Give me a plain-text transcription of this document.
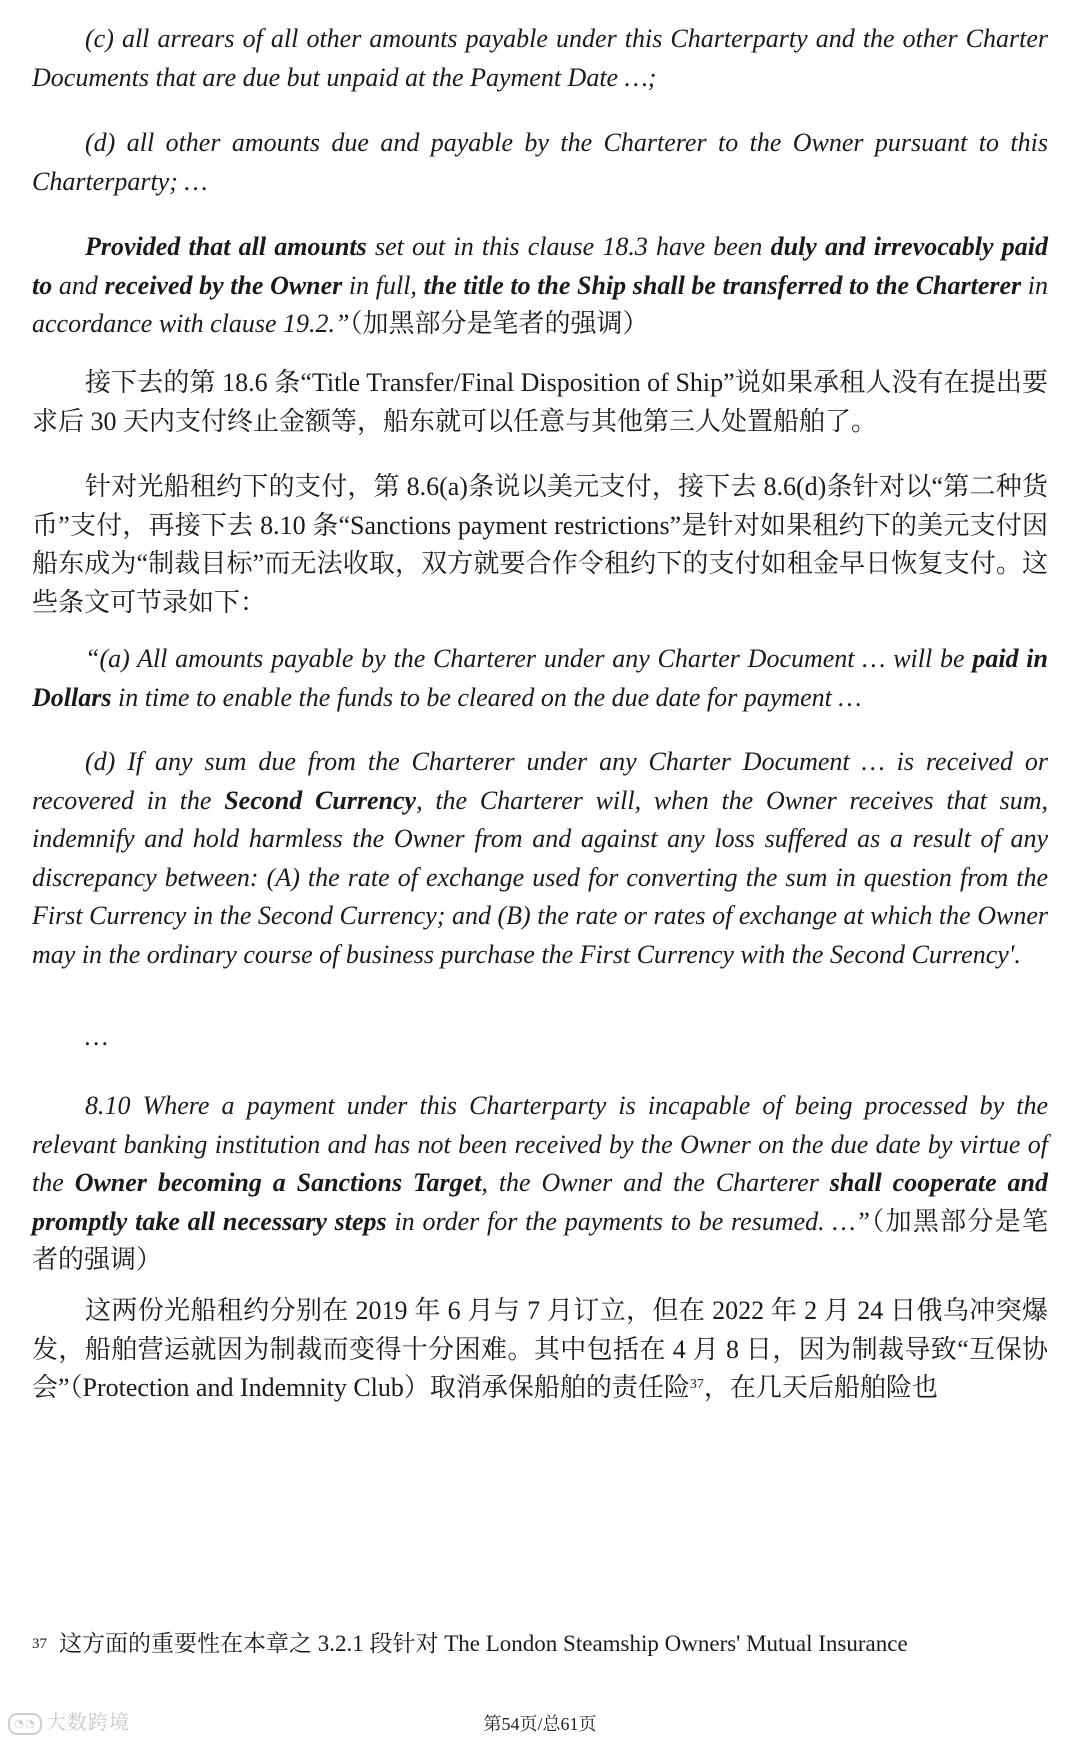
(c) all arrears of all other amounts payable under this Charterparty and the other Charter Documents that are due but unpaid at the Payment Date …;

(d) all other amounts due and payable by the Charterer to the Owner pursuant to this Charterparty; …

Provided that all amounts set out in this clause 18.3 have been duly and irrevocably paid to and received by the Owner in full, the title to the Ship shall be transferred to the Charterer in accordance with clause 19.2.”（加黑部分是笔者的强调）

接下去的第 18.6 条“Title Transfer/Final Disposition of Ship”说如果承租人没有在提出要求后 30 天内支付终止金额等，船东就可以任意与其他第三人处置船舶了。

针对光船租约下的支付，第 8.6(a)条说以美元支付，接下去 8.6(d)条针对以“第二种货币”支付，再接下去 8.10 条“Sanctions payment restrictions”是针对如果租约下的美元支付因船东成为“制裁目标”而无法收取，双方就要合作令租约下的支付如租金早日恢复支付。这些条文可节录如下：

“(a) All amounts payable by the Charterer under any Charter Document … will be paid in Dollars in time to enable the funds to be cleared on the due date for payment …

(d) If any sum due from the Charterer under any Charter Document … is received or recovered in the Second Currency, the Charterer will, when the Owner receives that sum, indemnify and hold harmless the Owner from and against any loss suffered as a result of any discrepancy between: (A) the rate of exchange used for converting the sum in question from the First Currency in the Second Currency; and (B) the rate or rates of exchange at which the Owner may in the ordinary course of business purchase the First Currency with the Second Currency'.

…

8.10 Where a payment under this Charterparty is incapable of being processed by the relevant banking institution and has not been received by the Owner on the due date by virtue of the Owner becoming a Sanctions Target, the Owner and the Charterer shall cooperate and promptly take all necessary steps in order for the payments to be resumed. …”（加黑部分是笔者的强调）

这两份光船租约分别在 2019 年 6 月与 7 月订立，但在 2022 年 2 月 24 日俄乌冲突爆发，船舶营运就因为制裁而变得十分困难。其中包括在 4 月 8 日，因为制裁导致“互保协会”（Protection and Indemnity Club）取消承保船舶的责任险$^{37}$，在几天后船舶险也

$^{37}$ 这方面的重要性在本章之 3.2.1 段针对 The London Steamship Owners' Mutual Insurance

◔◔ 大数跨境	第54页/总61页
